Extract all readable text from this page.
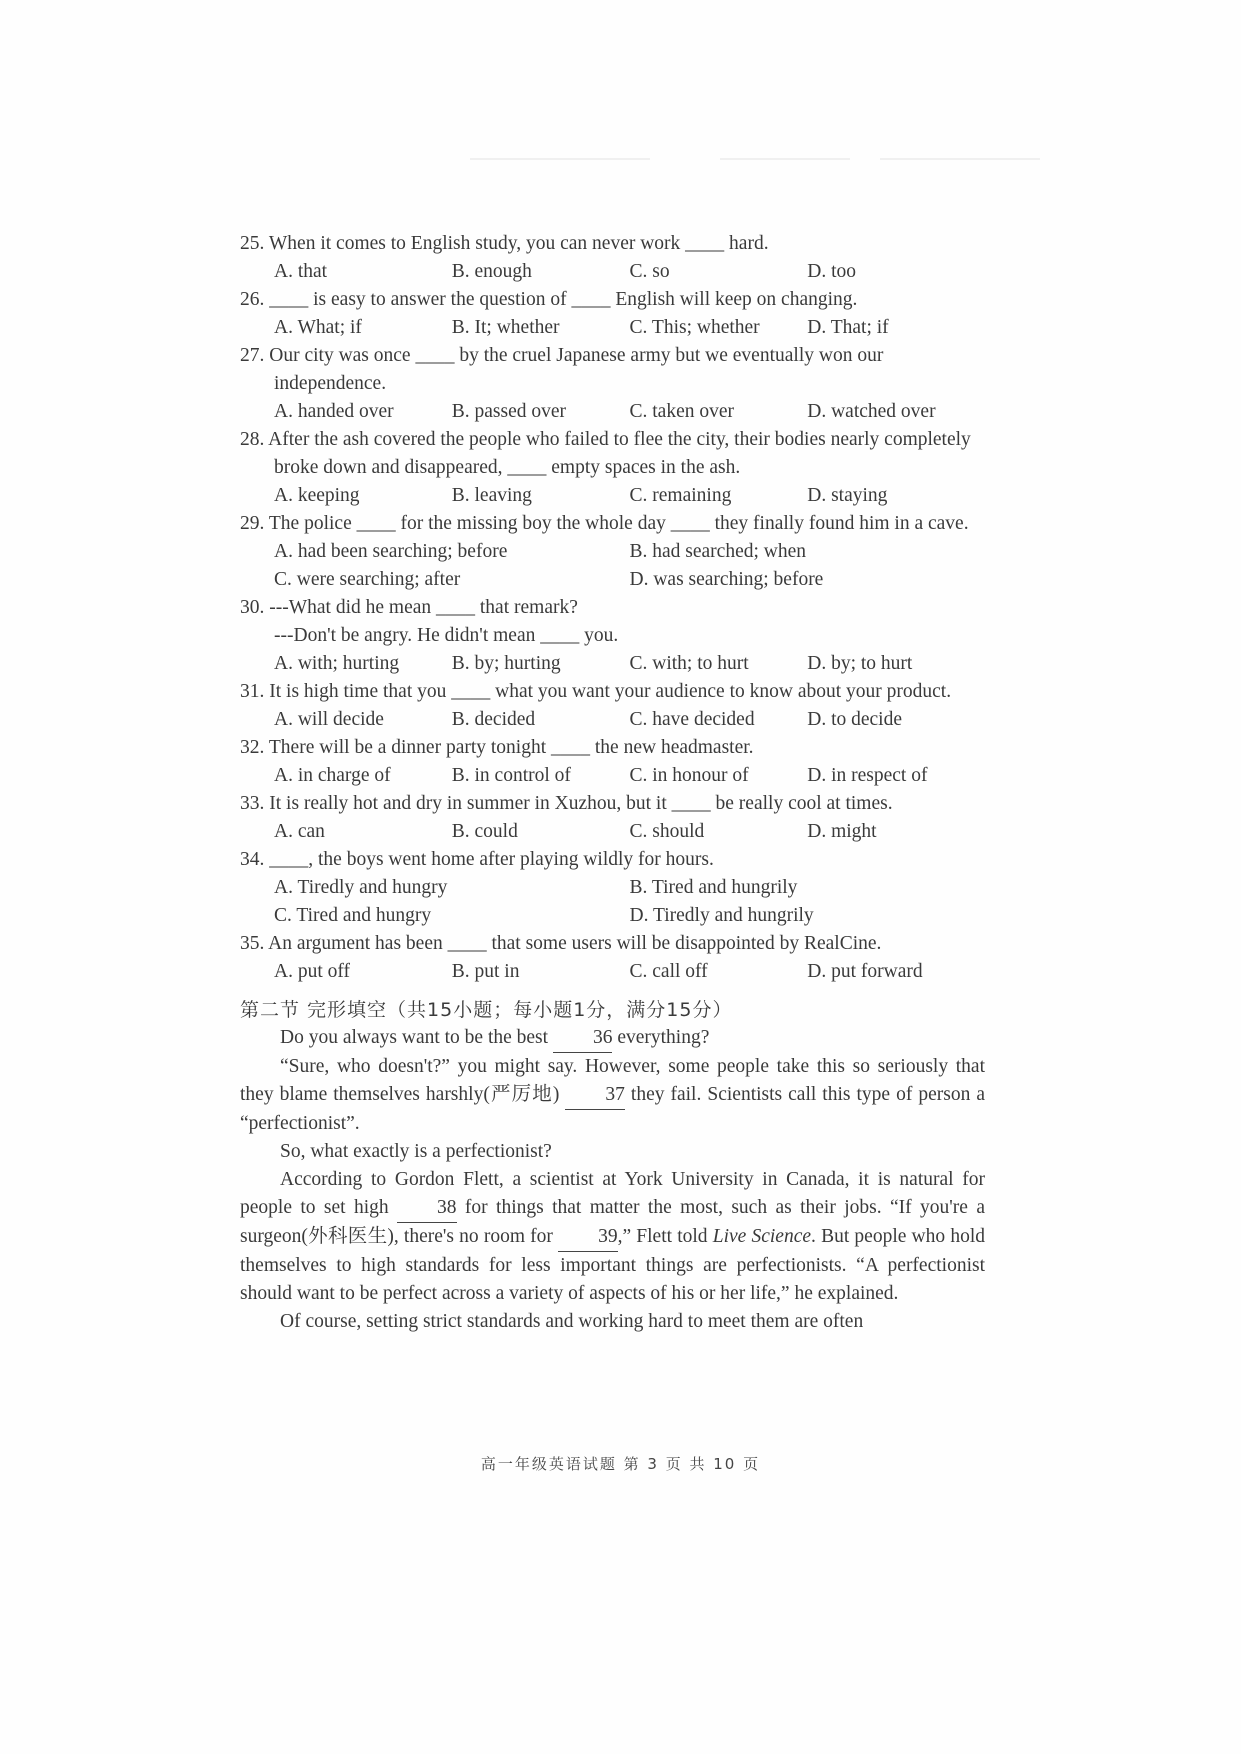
25. When it comes to English study, you can never work ____ hard.
A. that	B. enough	C. so	D. too
26. ____ is easy to answer the question of ____ English will keep on changing.
A. What; if	B. It; whether	C. This; whether	D. That; if
27. Our city was once ____ by the cruel Japanese army but we eventually won our independence.
A. handed over	B. passed over	C. taken over	D. watched over
28. After the ash covered the people who failed to flee the city, their bodies nearly completely broke down and disappeared, ____ empty spaces in the ash.
A. keeping	B. leaving	C. remaining	D. staying
29. The police ____ for the missing boy the whole day ____ they finally found him in a cave.
A. had been searching; before	B. had searched; when
C. were searching; after	D. was searching; before
30. ---What did he mean ____ that remark?
---Don't be angry. He didn't mean ____ you.
A. with; hurting	B. by; hurting	C. with; to hurt	D. by; to hurt
31. It is high time that you ____ what you want your audience to know about your product.
A. will decide	B. decided	C. have decided	D. to decide
32. There will be a dinner party tonight ____ the new headmaster.
A. in charge of	B. in control of	C. in honour of	D. in respect of
33. It is really hot and dry in summer in Xuzhou, but it ____ be really cool at times.
A. can	B. could	C. should	D. might
34. ____, the boys went home after playing wildly for hours.
A. Tiredly and hungry	B. Tired and hungrily
C. Tired and hungry	D. Tiredly and hungrily
35. An argument has been ____ that some users will be disappointed by RealCine.
A. put off	B. put in	C. call off	D. put forward
第二节 完形填空（共15小题；每小题1分，满分15分）

Do you always want to be the best 36 everything?

“Sure, who doesn't?” you might say. However, some people take this so seriously that they blame themselves harshly(严厉地) 37 they fail. Scientists call this type of person a “perfectionist”.

So, what exactly is a perfectionist?

According to Gordon Flett, a scientist at York University in Canada, it is natural for people to set high 38 for things that matter the most, such as their jobs. “If you're a surgeon(外科医生), there's no room for 39,” Flett told Live Science. But people who hold themselves to high standards for less important things are perfectionists. “A perfectionist should want to be perfect across a variety of aspects of his or her life,” he explained.

Of course, setting strict standards and working hard to meet them are often

高一年级英语试题 第 3 页 共 10 页
